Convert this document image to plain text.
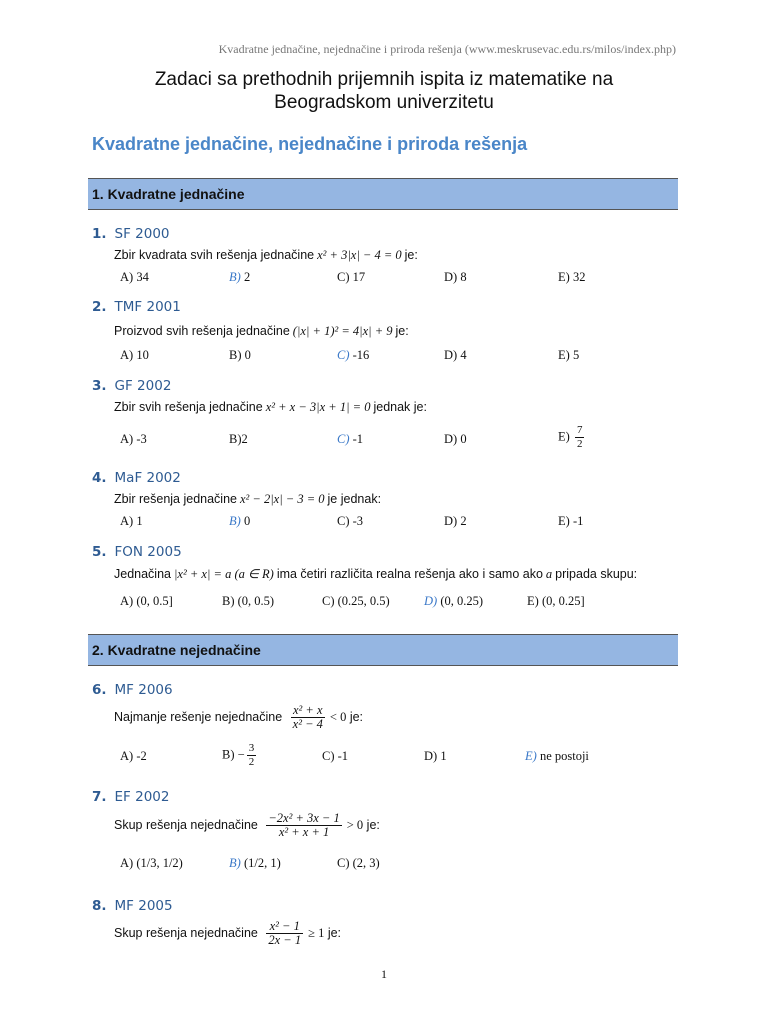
Kvadratne jednačine, nejednačine i priroda rešenja (www.meskrusevac.edu.rs/milos/index.php)
Zadaci sa prethodnih prijemnih ispita iz matematike na
Beogradskom univerzitetu
Kvadratne jednačine, nejednačine i priroda rešenja
1. Kvadratne jednačine
1. SF 2000
Zbir kvadrata svih rešenja jednačine x² + 3|x| − 4 = 0 je:
A) 34	B) 2	C) 17	D) 8	E) 32
2. TMF 2001
Proizvod svih rešenja jednačine (|x| + 1)² = 4|x| + 9 je:
A) 10	B) 0	C) -16	D) 4	E) 5
3. GF 2002
Zbir svih rešenja jednačine x² + x − 3|x + 1| = 0 jednak je:
A) -3	B)2	C) -1	D) 0	$E) \frac{7}{2}$
4. MaF 2002
Zbir rešenja jednačine x² − 2|x| − 3 = 0 je jednak:
A) 1	B) 0	C) -3	D) 2	E) -1
5. FON 2005
Jednačina |x² + x| = a (a ∈ R) ima četiri različita realna rešenja ako i samo ako a pripada skupu:
A) (0, 0.5]	B) (0, 0.5)	C) (0.25, 0.5)	D) (0, 0.25)	E) (0, 0.25]
2. Kvadratne nejednačine
6. MF 2006
Najmanje rešenje nejednačine $\frac{\text{x² + x}}{\text{x² − 4}} < 0$ je:
A) -2	$B) - \frac{3}{2}$	C) -1	D) 1	E) ne postoji
7. EF 2002
Skup rešenja nejednačine $\frac{\text{−2x² + 3x − 1}}{\text{x² + x + 1}} > 0$ je:
A) (1/3, 1/2)	B) (1/2, 1)	C) (2, 3)
8. MF 2005
Skup rešenja nejednačine $\frac{\text{x² − 1}}{2x - 1} \ge 1$ je:
1
